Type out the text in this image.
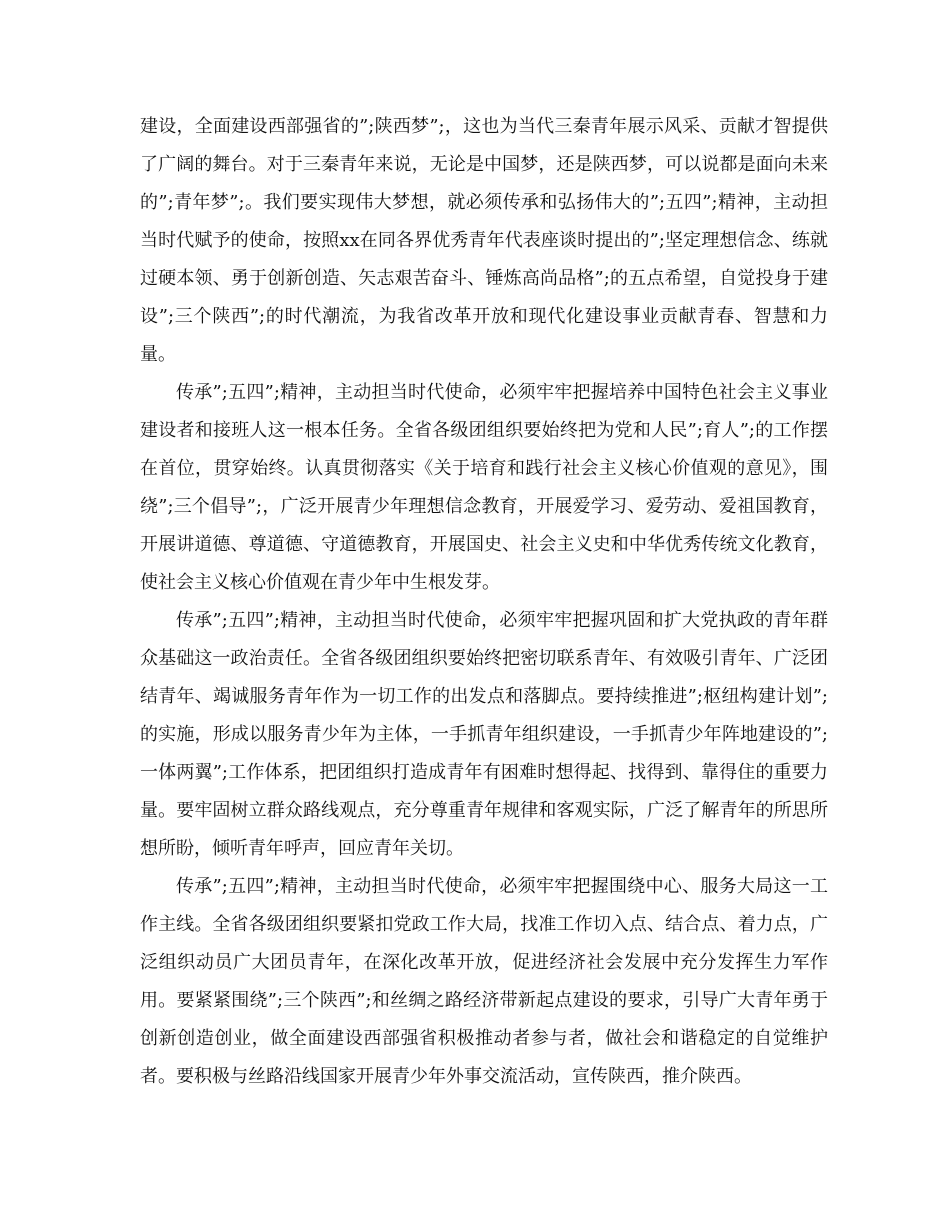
建设，全面建设西部强省的”;陕西梦”;，这也为当代三秦青年展示风采、贡献才智提供了广阔的舞台。对于三秦青年来说，无论是中国梦，还是陕西梦，可以说都是面向未来的”;青年梦”;。我们要实现伟大梦想，就必须传承和弘扬伟大的”;五四”;精神，主动担当时代赋予的使命，按照xx在同各界优秀青年代表座谈时提出的”;坚定理想信念、练就过硬本领、勇于创新创造、矢志艰苦奋斗、锤炼高尚品格”;的五点希望，自觉投身于建设”;三个陕西”;的时代潮流，为我省改革开放和现代化建设事业贡献青春、智慧和力量。

传承”;五四”;精神，主动担当时代使命，必须牢牢把握培养中国特色社会主义事业建设者和接班人这一根本任务。全省各级团组织要始终把为党和人民”;育人”;的工作摆在首位，贯穿始终。认真贯彻落实《关于培育和践行社会主义核心价值观的意见》，围绕”;三个倡导”;，广泛开展青少年理想信念教育，开展爱学习、爱劳动、爱祖国教育，开展讲道德、尊道德、守道德教育，开展国史、社会主义史和中华优秀传统文化教育，使社会主义核心价值观在青少年中生根发芽。

传承”;五四”;精神，主动担当时代使命，必须牢牢把握巩固和扩大党执政的青年群众基础这一政治责任。全省各级团组织要始终把密切联系青年、有效吸引青年、广泛团结青年、竭诚服务青年作为一切工作的出发点和落脚点。要持续推进”;枢纽构建计划”;的实施，形成以服务青少年为主体，一手抓青年组织建设，一手抓青少年阵地建设的”;一体两翼”;工作体系，把团组织打造成青年有困难时想得起、找得到、靠得住的重要力量。要牢固树立群众路线观点，充分尊重青年规律和客观实际，广泛了解青年的所思所想所盼，倾听青年呼声，回应青年关切。

传承”;五四”;精神，主动担当时代使命，必须牢牢把握围绕中心、服务大局这一工作主线。全省各级团组织要紧扣党政工作大局，找准工作切入点、结合点、着力点，广泛组织动员广大团员青年，在深化改革开放，促进经济社会发展中充分发挥生力军作用。要紧紧围绕”;三个陕西”;和丝绸之路经济带新起点建设的要求，引导广大青年勇于创新创造创业，做全面建设西部强省积极推动者参与者，做社会和谐稳定的自觉维护者。要积极与丝路沿线国家开展青少年外事交流活动，宣传陕西，推介陕西。
